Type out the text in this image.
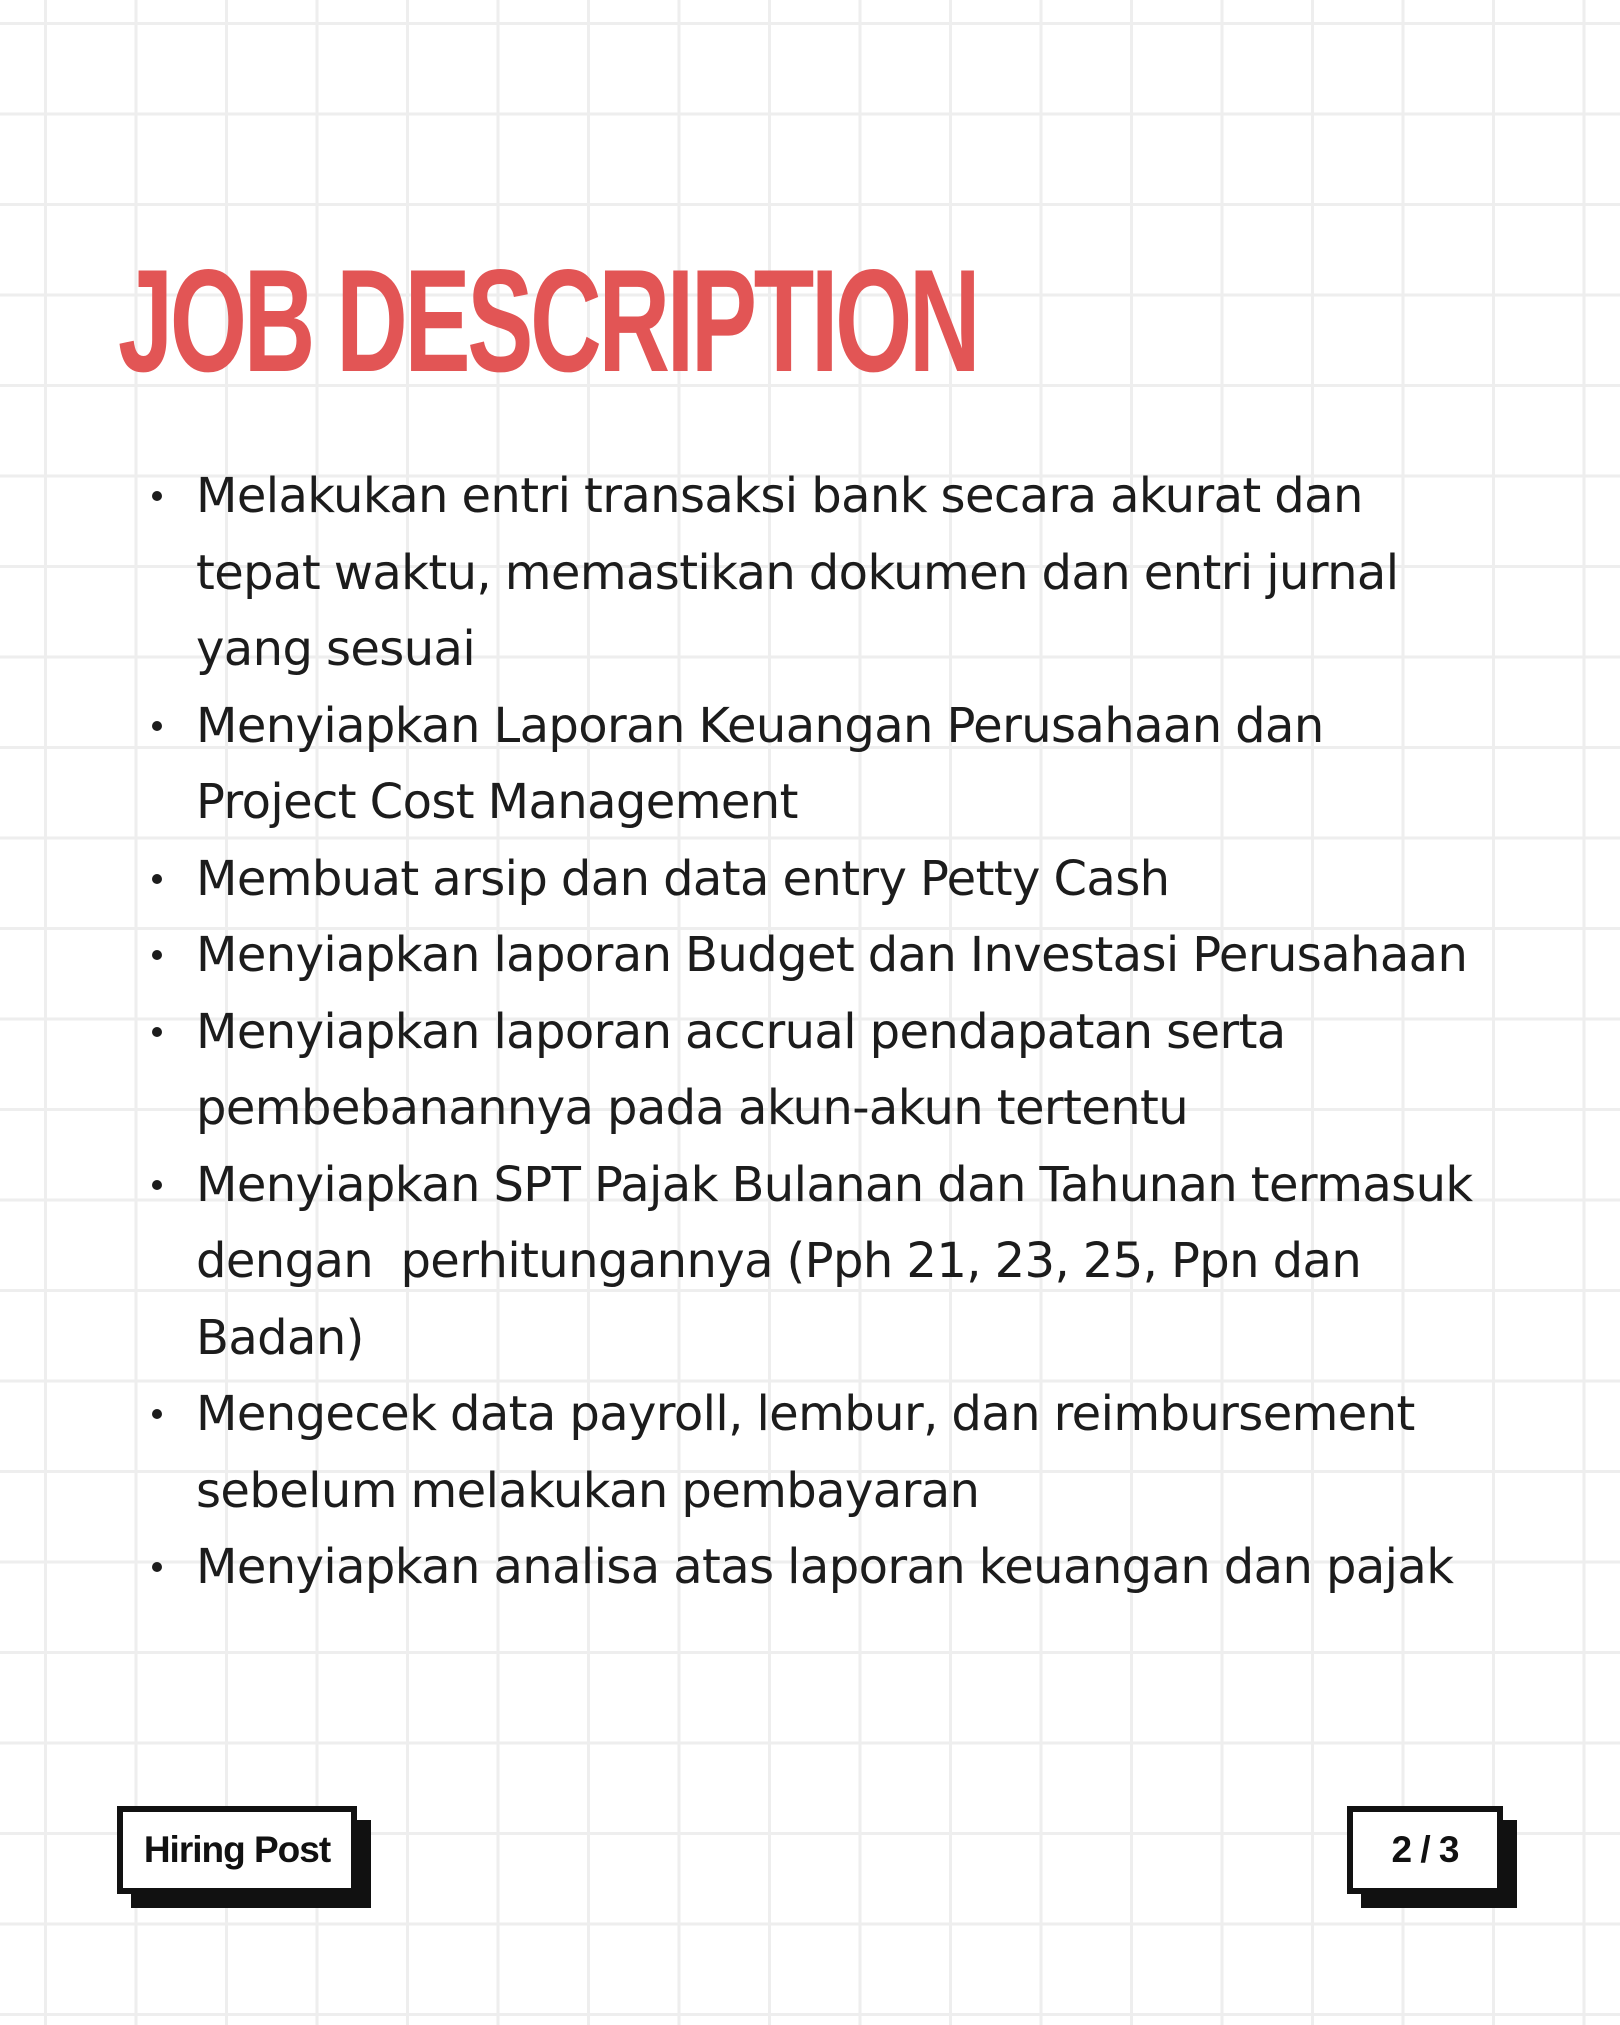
JOB DESCRIPTION
Melakukan entri transaksi bank secara akurat dan tepat waktu, memastikan dokumen dan entri jurnal yang sesuai
Menyiapkan Laporan Keuangan Perusahaan dan Project Cost Management
Membuat arsip dan data entry Petty Cash
Menyiapkan laporan Budget dan Investasi Perusahaan
Menyiapkan laporan accrual pendapatan serta pembebanannya pada akun-akun tertentu
Menyiapkan SPT Pajak Bulanan dan Tahunan termasuk dengan  perhitungannya (Pph 21, 23, 25, Ppn dan Badan)
Mengecek data payroll, lembur, dan reimbursement sebelum melakukan pembayaran
Menyiapkan analisa atas laporan keuangan dan pajak
Hiring Post	2 / 3
